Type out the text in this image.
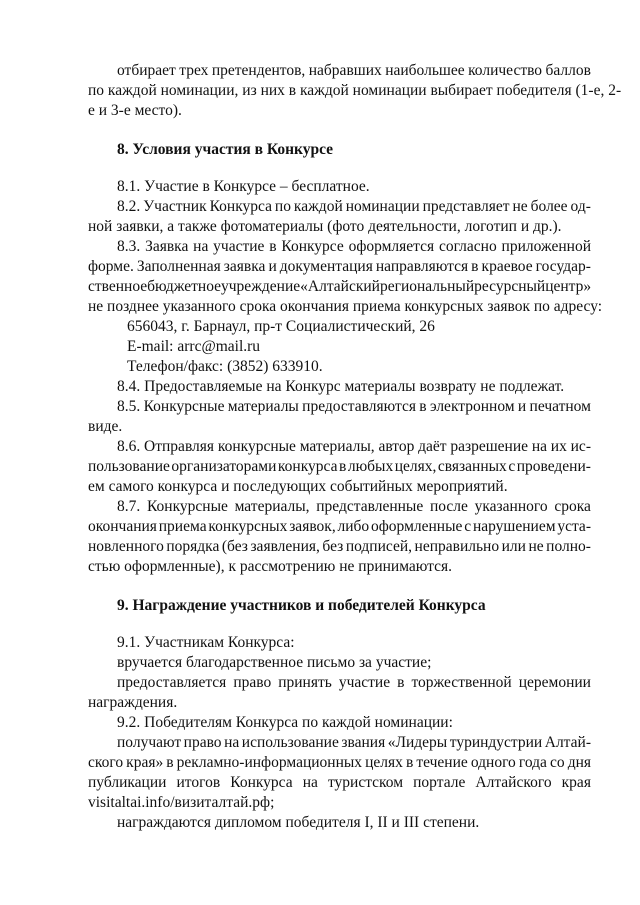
отбирает трех претендентов, набравших наибольшее количество баллов
по каждой номинации, из них в каждой номинации выбирает победителя (1-е, 2-
е и 3-е место).
8. Условия участия в Конкурсе
8.1. Участие в Конкурсе – бесплатное.
8.2. Участник Конкурса по каждой номинации представляет не более од-
ной заявки, а также фотоматериалы (фото деятельности, логотип и др.).
8.3. Заявка на участие в Конкурсе оформляется согласно приложенной
форме. Заполненная заявка и документация направляются в краевое государ-
ственное бюджетное учреждение «Алтайский региональный ресурсный центр»
не позднее указанного срока окончания приема конкурсных заявок по адресу:
656043, г. Барнаул, пр-т Социалистический, 26
E-mail: arrc@mail.ru
Телефон/факс: (3852) 633910.
8.4. Предоставляемые на Конкурс материалы возврату не подлежат.
8.5. Конкурсные материалы предоставляются в электронном и печатном
виде.
8.6. Отправляя конкурсные материалы, автор даёт разрешение на их ис-
пользование организаторами конкурса в любых целях, связанных с проведени-
ем самого конкурса и последующих событийных мероприятий.
8.7. Конкурсные материалы, представленные после указанного срока
окончания приема конкурсных заявок, либо оформленные с нарушением уста-
новленного порядка (без заявления, без подписей, неправильно или не полно-
стью оформленные), к рассмотрению не принимаются.
9. Награждение участников и победителей Конкурса
9.1. Участникам Конкурса:
вручается благодарственное письмо за участие;
предоставляется право принять участие в торжественной церемонии
награждения.
9.2. Победителям Конкурса по каждой номинации:
получают право на использование звания «Лидеры туриндустрии Алтай-
ского края» в рекламно-информационных целях в течение одного года со дня
публикации итогов Конкурса на туристском портале Алтайского края
visitaltai.info/визиталтай.рф;
награждаются дипломом победителя I, II и III степени.
